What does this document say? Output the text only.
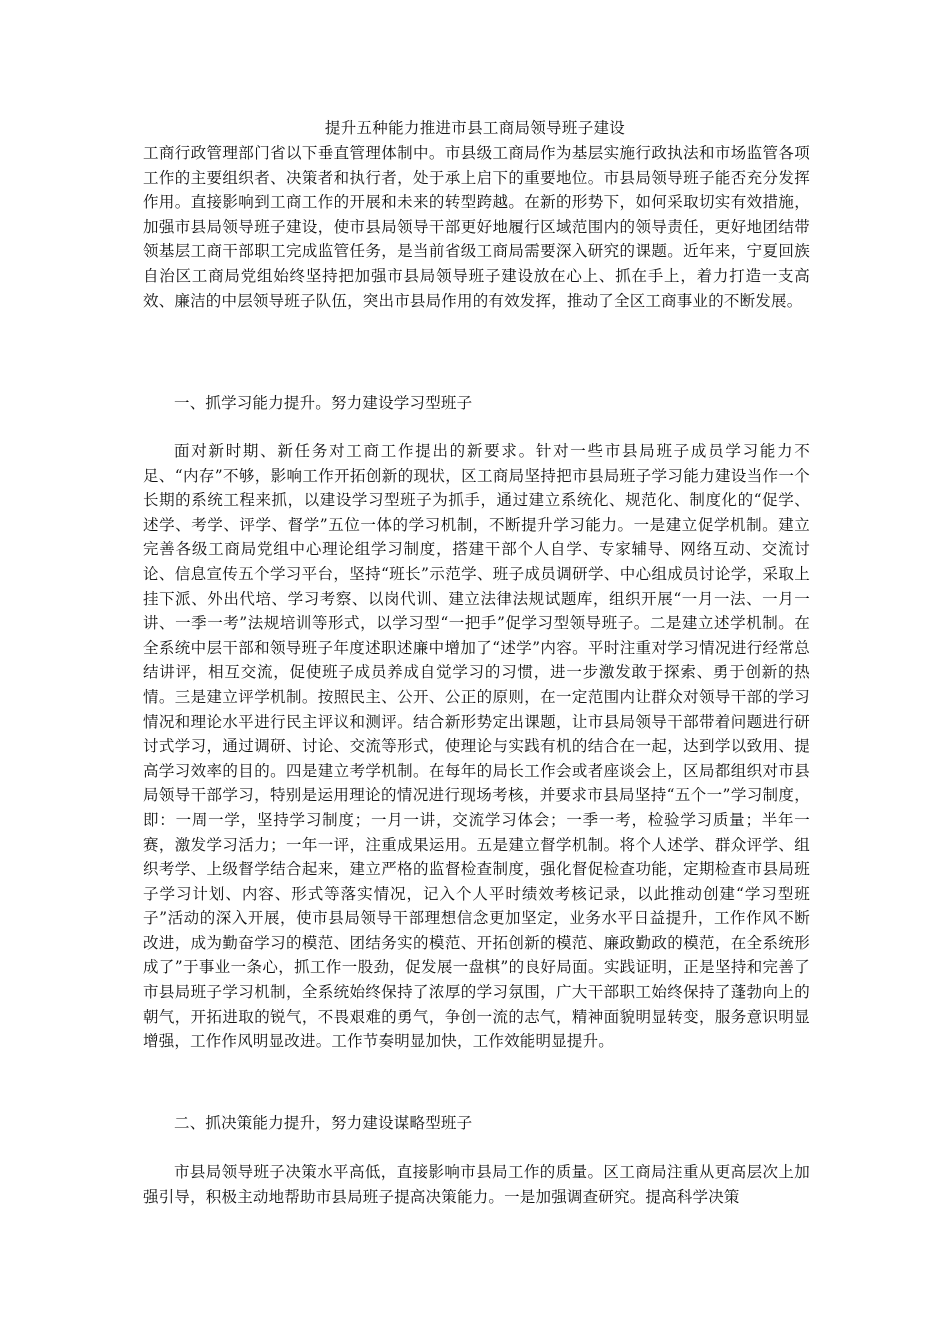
提升五种能力推进市县工商局领导班子建设

工商行政管理部门省以下垂直管理体制中。市县级工商局作为基层实施行政执法和市场监管各项工作的主要组织者、决策者和执行者，处于承上启下的重要地位。市县局领导班子能否充分发挥作用。直接影响到工商工作的开展和未来的转型跨越。在新的形势下，如何采取切实有效措施，加强市县局领导班子建设，使市县局领导干部更好地履行区域范围内的领导责任，更好地团结带领基层工商干部职工完成监管任务，是当前省级工商局需要深入研究的课题。近年来，宁夏回族自治区工商局党组始终坚持把加强市县局领导班子建设放在心上、抓在手上，着力打造一支高效、廉洁的中层领导班子队伍，突出市县局作用的有效发挥，推动了全区工商事业的不断发展。

一、抓学习能力提升。努力建设学习型班子

面对新时期、新任务对工商工作提出的新要求。针对一些市县局班子成员学习能力不足、“内存”不够，影响工作开拓创新的现状，区工商局坚持把市县局班子学习能力建设当作一个长期的系统工程来抓，以建设学习型班子为抓手，通过建立系统化、规范化、制度化的“促学、述学、考学、评学、督学”五位一体的学习机制，不断提升学习能力。一是建立促学机制。建立完善各级工商局党组中心理论组学习制度，搭建干部个人自学、专家辅导、网络互动、交流讨论、信息宣传五个学习平台，坚持“班长”示范学、班子成员调研学、中心组成员讨论学，采取上挂下派、外出代培、学习考察、以岗代训、建立法律法规试题库，组织开展“一月一法、一月一讲、一季一考”法规培训等形式，以学习型“一把手”促学习型领导班子。二是建立述学机制。在全系统中层干部和领导班子年度述职述廉中增加了“述学”内容。平时注重对学习情况进行经常总结讲评，相互交流，促使班子成员养成自觉学习的习惯，进一步激发敢于探索、勇于创新的热情。三是建立评学机制。按照民主、公开、公正的原则，在一定范围内让群众对领导干部的学习情况和理论水平进行民主评议和测评。结合新形势定出课题，让市县局领导干部带着问题进行研讨式学习，通过调研、讨论、交流等形式，使理论与实践有机的结合在一起，达到学以致用、提高学习效率的目的。四是建立考学机制。在每年的局长工作会或者座谈会上，区局都组织对市县局领导干部学习，特别是运用理论的情况进行现场考核，并要求市县局坚持“五个一”学习制度，即：一周一学，坚持学习制度；一月一讲，交流学习体会；一季一考，检验学习质量；半年一赛，激发学习活力；一年一评，注重成果运用。五是建立督学机制。将个人述学、群众评学、组织考学、上级督学结合起来，建立严格的监督检查制度，强化督促检查功能，定期检查市县局班子学习计划、内容、形式等落实情况，记入个人平时绩效考核记录，以此推动创建“学习型班子”活动的深入开展，使市县局领导干部理想信念更加坚定，业务水平日益提升，工作作风不断改进，成为勤奋学习的模范、团结务实的模范、开拓创新的模范、廉政勤政的模范，在全系统形成了”于事业一条心，抓工作一股劲，促发展一盘棋”的良好局面。实践证明，正是坚持和完善了市县局班子学习机制，全系统始终保持了浓厚的学习氛围，广大干部职工始终保持了蓬勃向上的朝气，开拓进取的锐气，不畏艰难的勇气，争创一流的志气，精神面貌明显转变，服务意识明显增强，工作作风明显改进。工作节奏明显加快，工作效能明显提升。

二、抓决策能力提升，努力建设谋略型班子

市县局领导班子决策水平高低，直接影响市县局工作的质量。区工商局注重从更高层次上加强引导，积极主动地帮助市县局班子提高决策能力。一是加强调查研究。提高科学决策
